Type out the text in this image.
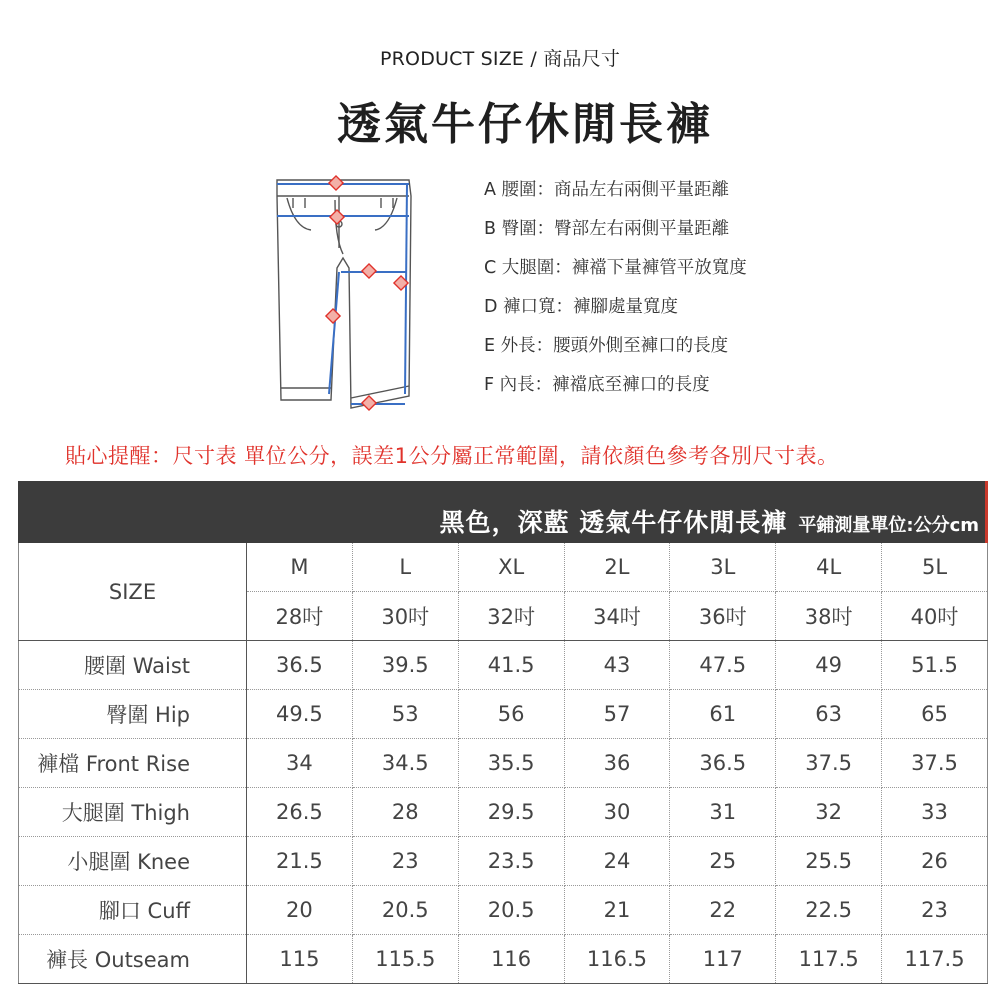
PRODUCT SIZE / 商品尺寸
透氣牛仔休閒長褲
A 腰圍：商品左右兩側平量距離
B 臀圍：臀部左右兩側平量距離
C 大腿圍：褲襠下量褲管平放寬度
D 褲口寬：褲腳處量寬度
E 外長：腰頭外側至褲口的長度
F 內長：褲襠底至褲口的長度
貼心提醒：尺寸表 單位公分，誤差1公分屬正常範圍，請依顏色參考各別尺寸表。
黑色，深藍 透氣牛仔休閒長褲 平鋪測量單位:公分cm
SIZE	M	L	XL	2L	3L	4L	5L
	28吋	30吋	32吋	34吋	36吋	38吋	40吋
腰圍 Waist	36.5	39.5	41.5	43	47.5	49	51.5
臀圍 Hip	49.5	53	56	57	61	63	65
褲檔 Front Rise	34	34.5	35.5	36	36.5	37.5	37.5
大腿圍 Thigh	26.5	28	29.5	30	31	32	33
小腿圍 Knee	21.5	23	23.5	24	25	25.5	26
腳口 Cuff	20	20.5	20.5	21	22	22.5	23
褲長 Outseam	115	115.5	116	116.5	117	117.5	117.5
